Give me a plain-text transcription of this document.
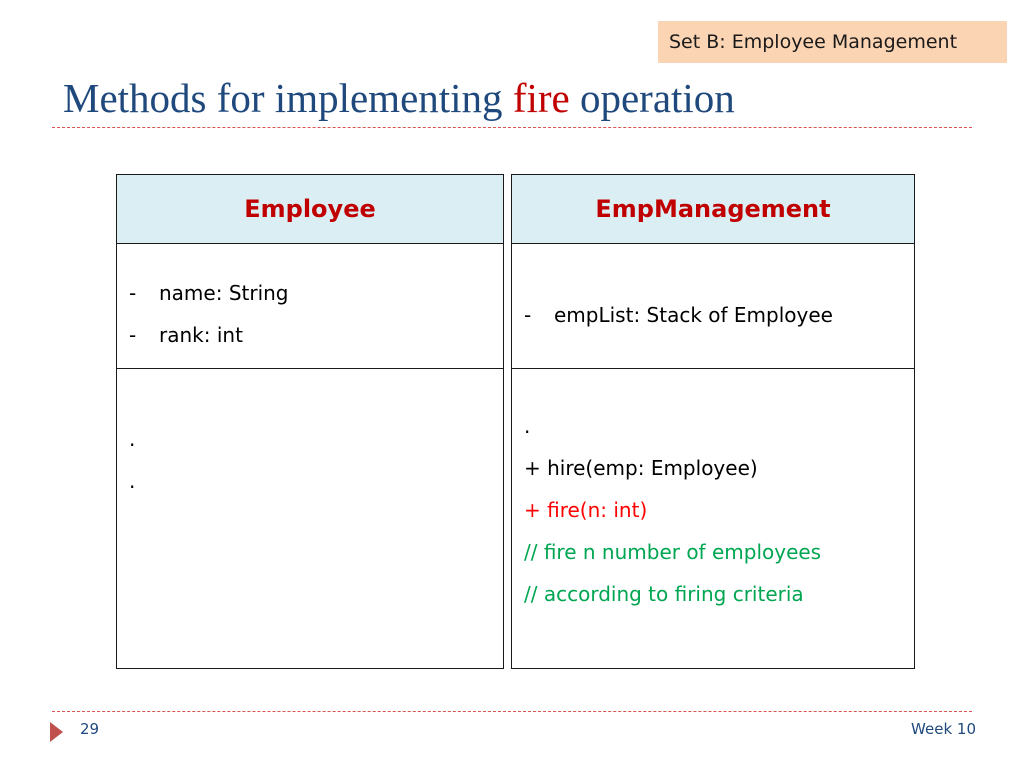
Set B: Employee Management
Methods for implementing fire operation
Employee
- name: String
- rank: int
.
.
EmpManagement
- empList: Stack of Employee
.
+ hire(emp: Employee)
+ fire(n: int)
// fire n number of employees
// according to firing criteria
29	Week 10
